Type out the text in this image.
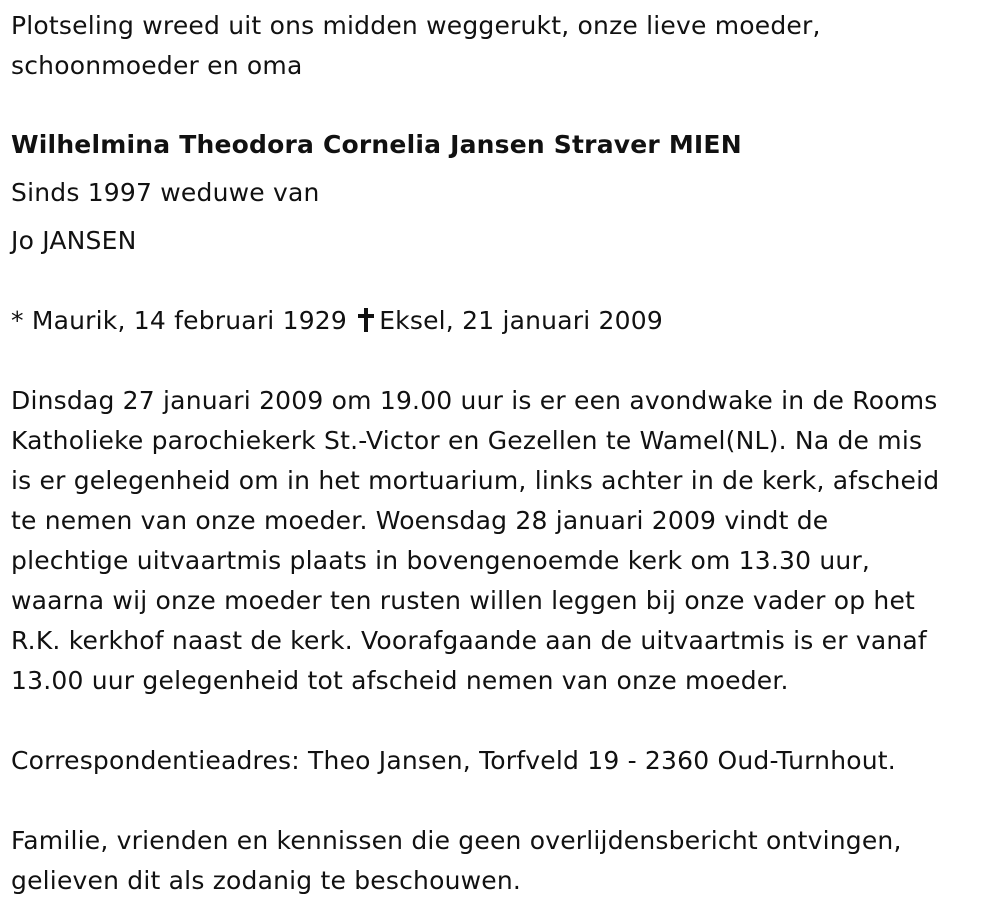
Plotseling wreed uit ons midden weggerukt, onze lieve moeder,
schoonmoeder en oma
Wilhelmina Theodora Cornelia Jansen Straver MIEN
Sinds 1997 weduwe van
Jo JANSEN
* Maurik, 14 februari 1929 Eksel, 21 januari 2009
Dinsdag 27 januari 2009 om 19.00 uur is er een avondwake in de Rooms
Katholieke parochiekerk St.-Victor en Gezellen te Wamel(NL). Na de mis
is er gelegenheid om in het mortuarium, links achter in de kerk, afscheid
te nemen van onze moeder. Woensdag 28 januari 2009 vindt de
plechtige uitvaartmis plaats in bovengenoemde kerk om 13.30 uur,
waarna wij onze moeder ten rusten willen leggen bij onze vader op het
R.K. kerkhof naast de kerk. Voorafgaande aan de uitvaartmis is er vanaf
13.00 uur gelegenheid tot afscheid nemen van onze moeder.
Correspondentieadres: Theo Jansen, Torfveld 19 - 2360 Oud-Turnhout.
Familie, vrienden en kennissen die geen overlijdensbericht ontvingen,
gelieven dit als zodanig te beschouwen.
